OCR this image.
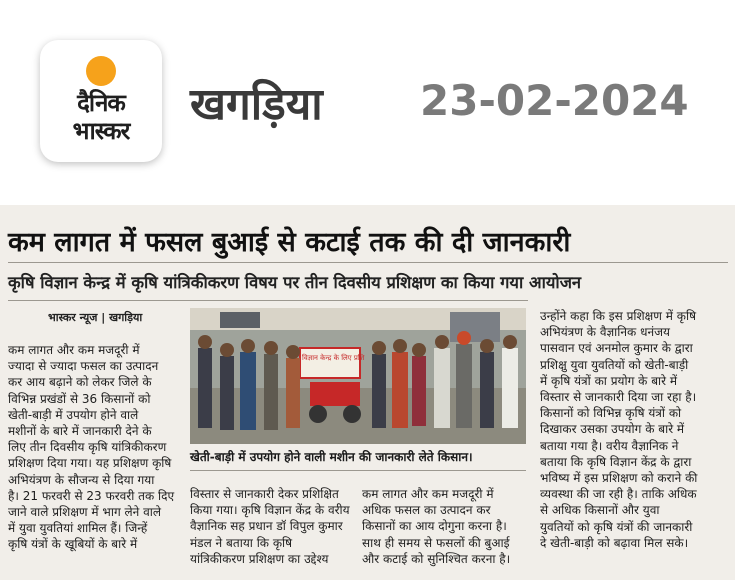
दैनिक
भास्कर
खगड़िया 23-02-2024
कम लागत में फसल बुआई से कटाई तक की दी जानकारी
कृषि विज्ञान केन्द्र में कृषि यांत्रिकीकरण विषय पर तीन दिवसीय प्रशिक्षण का किया गया आयोजन
भास्कर न्यूज | खगड़िया
कम लागत और कम मजदूरी में
ज्यादा से ज्यादा फसल का उत्पादन
कर आय बढ़ाने को लेकर जिले के
विभिन्न प्रखंडों से 36 किसानों को
खेती-बाड़ी में उपयोग होने वाले
मशीनों के बारे में जानकारी देने के
लिए तीन दिवसीय कृषि यांत्रिकीकरण
प्रशिक्षण दिया गया। यह प्रशिक्षण कृषि
अभियंत्रण के सौजन्य से दिया गया
है। 21 फरवरी से 23 फरवरी तक दिए
जाने वाले प्रशिक्षण में भाग लेने वाले
में युवा युवतियां शामिल हैं। जिन्हें
कृषि यंत्रों के खूबियों के बारे में
विज्ञान केन्द्र के लिए प्रशि
खेती-बाड़ी में उपयोग होने वाली मशीन की जानकारी लेते किसान।
विस्तार से जानकारी देकर प्रशिक्षित
किया गया। कृषि विज्ञान केंद्र के वरीय
वैज्ञानिक सह प्रधान डॉ विपुल कुमार
मंडल ने बताया कि कृषि
यांत्रिकीकरण प्रशिक्षण का उद्देश्य
कम लागत और कम मजदूरी में
अधिक फसल का उत्पादन कर
किसानों का आय दोगुना करना है।
साथ ही समय से फसलों की बुआई
और कटाई को सुनिश्चित करना है।
उन्होंने कहा कि इस प्रशिक्षण में कृषि
अभियंत्रण के वैज्ञानिक धनंजय
पासवान एवं अनमोल कुमार के द्वारा
प्रशिक्षु युवा युवतियों को खेती-बाड़ी
में कृषि यंत्रों का प्रयोग के बारे में
विस्तार से जानकारी दिया जा रहा है।
किसानों को विभिन्न कृषि यंत्रों को
दिखाकर उसका उपयोग के बारे में
बताया गया है। वरीय वैज्ञानिक ने
बताया कि कृषि विज्ञान केंद्र के द्वारा
भविष्य में इस प्रशिक्षण को कराने की
व्यवस्था की जा रही है। ताकि अधिक
से अधिक किसानों और युवा
युवतियों को कृषि यंत्रों की जानकारी
दे खेती-बाड़ी को बढ़ावा मिल सके।
